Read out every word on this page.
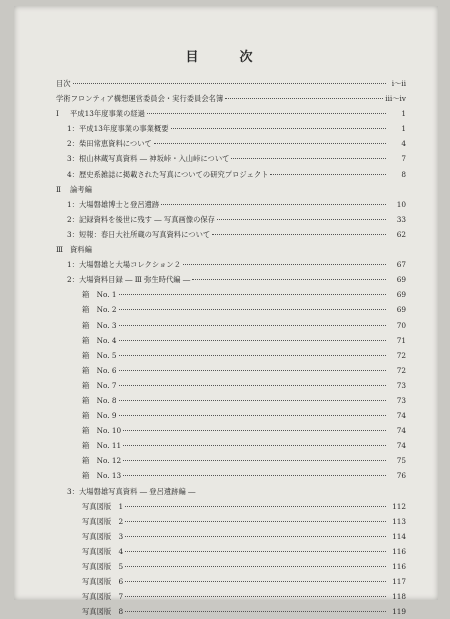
目　次
目次	ⅰ～ⅱ
学術フロンティア構想運営委員会・実行委員会名簿	ⅲ～ⅳ
Ⅰ	平成13年度事業の経過	1
1： 平成13年度事業の事業概要	1
2： 柴田常恵資料について	4
3： 根山林蔵写真資料 ― 神坂峠・入山峠について	7
4： 歴史系雑誌に掲載された写真についての研究プロジェクト	8
Ⅱ	論考編
1： 大場磐雄博士と登呂遺跡	10
2： 記録資料を後世に残す ― 写真画像の保存	33
3： 短報：春日大社所蔵の写真資料について	62
Ⅲ 資料編
1： 大場磐雄と大場コレクション２	67
2： 大場資料目録 ― Ⅲ 弥生時代編 ―	69
箱　No. 1	69
箱　No. 2	69
箱　No. 3	70
箱　No. 4	71
箱　No. 5	72
箱　No. 6	72
箱　No. 7	73
箱　No. 8	73
箱　No. 9	74
箱　No. 10	74
箱　No. 11	74
箱　No. 12	75
箱　No. 13	76
3： 大場磐雄写真資料 ― 登呂遺跡編 ―
写真図版　1	112
写真図版　2	113
写真図版　3	114
写真図版　4	116
写真図版　5	116
写真図版　6	117
写真図版　7	118
写真図版　8	119
